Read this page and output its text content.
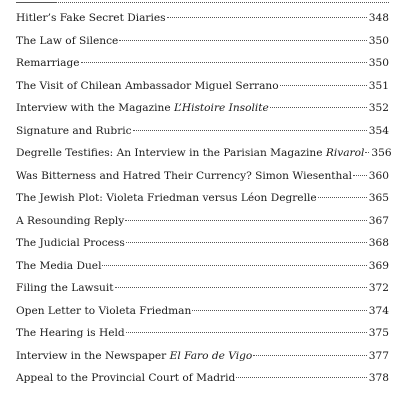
Hitler’s Fake Secret Diaries	348
The Law of Silence	350
Remarriage	350
The Visit of Chilean Ambassador Miguel Serrano	351
Interview with the Magazine L’Histoire Insolite	352
Signature and Rubric	354
Degrelle Testifies: An Interview in the Parisian Magazine Rivarol 356
Was Bitterness and Hatred Their Currency? Simon Wiesenthal 360
The Jewish Plot: Violeta Friedman versus Léon Degrelle	365
A Resounding Reply	367
The Judicial Process	368
The Media Duel	369
Filing the Lawsuit	372
Open Letter to Violeta Friedman	374
The Hearing is Held	375
Interview in the Newspaper El Faro de Vigo	377
Appeal to the Provincial Court of Madrid	378
